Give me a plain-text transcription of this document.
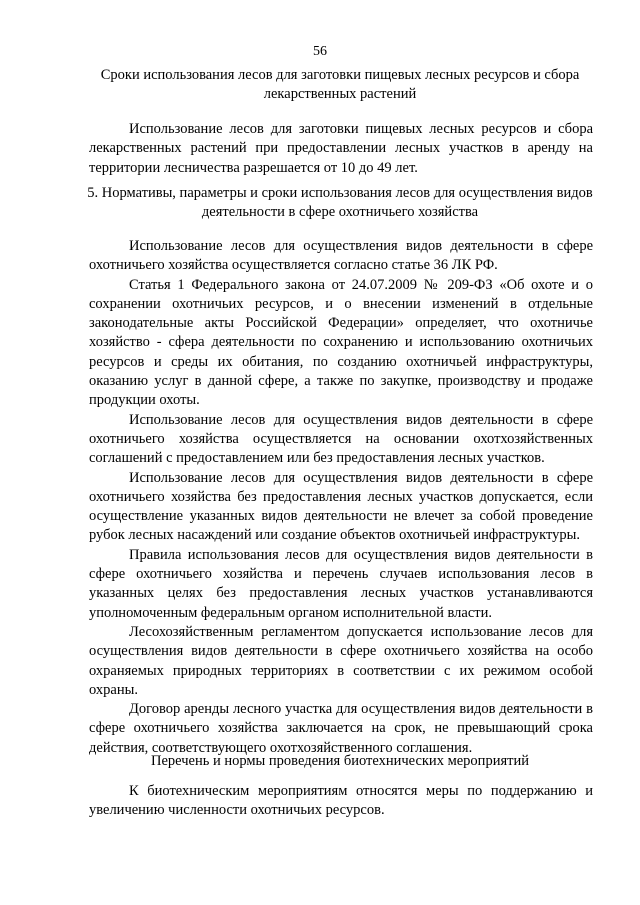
56
Сроки использования лесов для заготовки пищевых лесных ресурсов и сбора лекарственных растений

Использование лесов для заготовки пищевых лесных ресурсов и сбора лекарственных растений при предоставлении лесных участков в аренду на территории лесничества разрешается от 10 до 49 лет.

5. Нормативы, параметры и сроки использования лесов для осуществления видов деятельности в сфере охотничьего хозяйства

Использование лесов для осуществления видов деятельности в сфере охотничьего хозяйства осуществляется согласно статье 36 ЛК РФ.

Статья 1 Федерального закона от 24.07.2009 № 209-ФЗ «Об охоте и о сохранении охотничьих ресурсов, и о внесении изменений в отдельные законодательные акты Российской Федерации» определяет, что охотничье хозяйство - сфера деятельности по сохранению и использованию охотничьих ресурсов и среды их обитания, по созданию охотничьей инфраструктуры, оказанию услуг в данной сфере, а также по закупке, производству и продаже продукции охоты.

Использование лесов для осуществления видов деятельности в сфере охотничьего хозяйства осуществляется на основании охотхозяйственных соглашений с предоставлением или без предоставления лесных участков.

Использование лесов для осуществления видов деятельности в сфере охотничьего хозяйства без предоставления лесных участков допускается, если осуществление указанных видов деятельности не влечет за собой проведение рубок лесных насаждений или создание объектов охотничьей инфраструктуры.

Правила использования лесов для осуществления видов деятельности в сфере охотничьего хозяйства и перечень случаев использования лесов в указанных целях без предоставления лесных участков устанавливаются уполномоченным федеральным органом исполнительной власти.

Лесохозяйственным регламентом допускается использование лесов для осуществления видов деятельности в сфере охотничьего хозяйства на особо охраняемых природных территориях в соответствии с их режимом особой охраны.

Договор аренды лесного участка для осуществления видов деятельности в сфере охотничьего хозяйства заключается на срок, не превышающий срока действия, соответствующего охотхозяйственного соглашения.

Перечень и нормы проведения биотехнических мероприятий

К биотехническим мероприятиям относятся меры по поддержанию и увеличению численности охотничьих ресурсов.
